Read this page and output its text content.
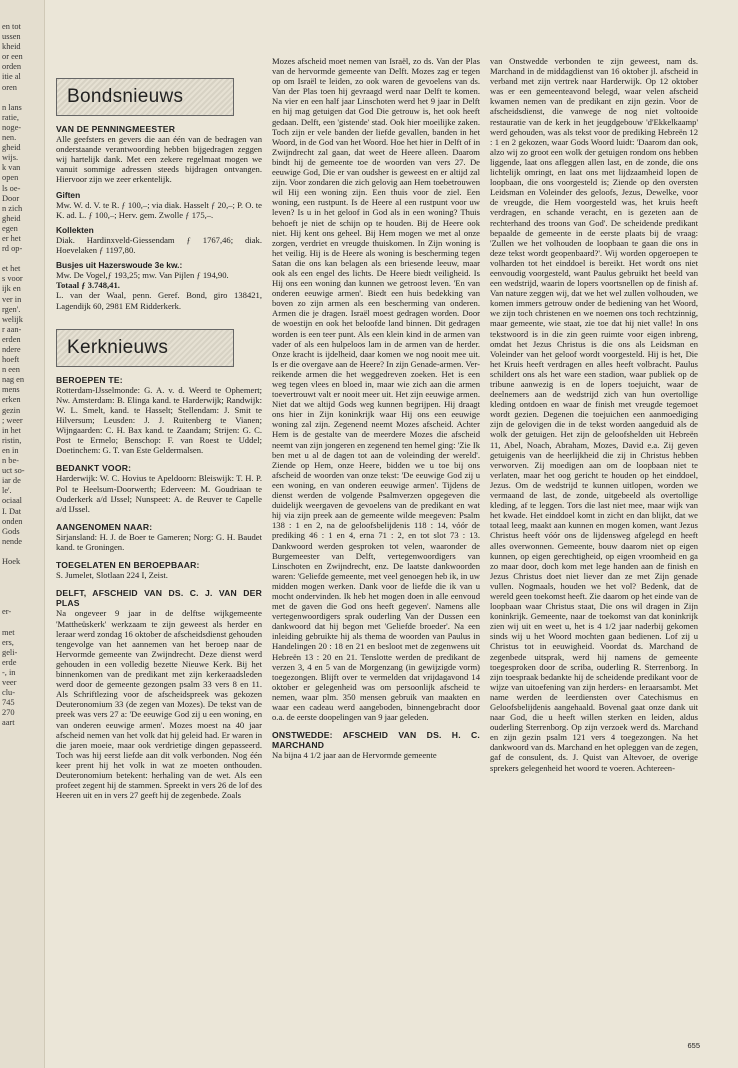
en tot
ussen
kheid
or een
orden
itie al
oren

n lans
ratie,
noge-
nen.
gheid
wijs.
k van
open
ls oe-
Door
n zich
gheid
egen
er het
rd op-

et het
s voor
ijk en
ver in
rgen'.
welijk
r aan-
erden
ndere
hoeft
n een
nag en
mens
erken
gezin
; weer
in het
ristin,
en in
n be-
uct so-
iar de
le'.
ociaal
I. Dat
onden
Gods
nende

Hoek

er-

met
ers,
geli-
erde
-, in
veer
clu-
745
270
aart
Bondsnieuws
VAN DE PENNINGMEESTER

Alle geefsters en gevers die aan één van de bedragen van onderstaande verantwoording hebben bijgedragen zeggen wij hartelijk dank. Met een zekere regelmaat mogen we vanuit sommige adressen steeds bijdragen ontvangen. Hiervoor zijn we zeer erkentelijk.

Giften

Mw. W. d. V. te R. ƒ 100,–; via diak. Hasselt ƒ 20,–; P. O. te K. ad. L. ƒ 100,–; Herv. gem. Zwolle ƒ 175,–.

Kollekten

Diak. Hardinxveld-Giessendam ƒ 1767,46; diak. Hoevelaken ƒ 1197,80.

Busjes uit Hazerswoude 3e kw.:

Mw. De Vogel,ƒ 193,25; mw. Van Pijlen ƒ 194,90.

Totaal ƒ 3.748,41.

L. van der Waal, penn. Geref. Bond, giro 138421, Lagendijk 60, 2981 EM Ridderkerk.

Kerknieuws
BEROEPEN TE:

Rotterdam-IJsselmonde: G. A. v. d. Weerd te Ophemert; Nw. Amsterdam: B. Elinga kand. te Harderwijk; Randwijk: W. L. Smelt, kand. te Hasselt; Stellendam: J. Smit te Hilversum; Leusden: J. J. Ruitenberg te Vianen; Wijngaarden: C. H. Bax kand. te Zaandam; Strijen: G. C. Post te Ermelo; Benschop: F. van Roest te Uddel; Doetinchem: G. T. van Este Geldermalsen.

BEDANKT VOOR:

Harderwijk: W. C. Hovius te Apeldoorn: Bleiswijk: T. H. P. Pol te Heelsum-Doorwerth; Ederveen: M. Goudriaan te Ouderkerk a/d IJssel; Nunspeet: A. de Reuver te Capelle a/d IJssel.

AANGENOMEN NAAR:

Sirjansland: H. J. de Boer te Gameren; Norg: G. H. Baudet kand. te Groningen.

TOEGELATEN EN BEROEPBAAR:

S. Jumelet, Slotlaan 224 I, Zeist.

DELFT, AFSCHEID VAN DS. C. J. VAN DER PLAS

Na ongeveer 9 jaar in de delftse wijkgemeente 'Mattheüskerk' werkzaam te zijn geweest als herder en leraar werd zondag 16 oktober de afscheidsdienst gehouden tengevolge van het aannemen van het beroep naar de Hervormde gemeente van Zwijndrecht. Deze dienst werd gehouden in een volledig bezette Nieuwe Kerk. Bij het binnenkomen van de predikant met zijn kerkeraadsleden werd door de gemeente gezongen psalm 33 vers 8 en 11. Als Schriftlezing voor de afscheidspreek was gekozen Deuteronomium 33 (de zegen van Mozes). De tekst van de preek was vers 27 a: 'De eeuwige God zij u een woning, en van onderen eeuwige armen'. Mozes moest na 40 jaar afscheid nemen van het volk dat hij geleid had. Er waren in die jaren moeie, maar ook verdrietige dingen gepasseerd. Toch was hij eerst liefde aan dit volk verbonden. Nog één keer prent hij het volk in wat ze moeten onthouden. Deuteronomium betekent: herhaling van de wet. Als een profeet zegent hij de stammen. Spreekt in vers 26 de lof des Heeren uit en in vers 27 geeft hij de zegenbede. Zoals

Mozes afscheid moet nemen van Israël, zo ds. Van der Plas van de hervormde gemeente van Delft. Mozes zag er tegen op om Israël te leiden, zo ook waren de gevoelens van ds. Van der Plas toen hij gevraagd werd naar Delft te komen. Na vier en een half jaar Linschoten werd het 9 jaar in Delft en hij mag getuigen dat God Die getrouw is, het ook heeft gedaan. Delft, een 'gistende' stad. Ook hier moeilijke zaken. Toch zijn er vele banden der liefde gevallen, banden in het Woord, in de God van het Woord. Hoe het hier in Delft of in Zwijndrecht zal gaan, dat weet de Heere alleen. Daarom bindt hij de gemeente toe de woorden van vers 27. De eeuwige God, Die er van oudsher is geweest en er altijd zal zijn. Voor zondaren die zich gelovig aan Hem toebetrouwen wil Hij een woning zijn. Een thuis voor de ziel. Een woning, een rustpunt. Is de Heere al een rustpunt voor uw leven? Is u in het geloof in God als in een woning? Thuis behoeft je niet de schijn op te houden. Bij de Heere ook niet. Hij kent ons geheel. Bij Hem mogen we met al onze zorgen, verdriet en vreugde thuiskomen. In Zijn woning is het veilig. Hij is de Heere als woning is bescherming tegen Satan die ons kan belagen als een briesende leeuw, maar ook als een engel des lichts. De Heere biedt veiligheid. Is Hij ons een woning dan kunnen we getroost leven. 'En van onderen eeuwige armen'. Biedt een huis bedekking van boven zo zijn armen als een bescherming van onderen. Armen die je dragen. Israël moest gedragen worden. Door de woestijn en ook het beloofde land binnen. Dit gedragen worden is een teer punt. Als een klein kind in de armen van vader of als een hulpeloos lam in de armen van de herder. Onze kracht is ijdelheid, daar komen we nog nooit mee uit. Is er die overgave aan de Heere? In zijn Genade-armen. Ver-reikende armen die het weggedreven zoeken. Het is een weg tegen vlees en bloed in, maar wie zich aan die armen toevertrouwt valt er nooit meer uit. Het zijn eeuwige armen. Niet dat we altijd Gods weg kunnen begrijpen. Hij draagt ons hier in Zijn koninkrijk waar Hij ons een eeuwige woning zal zijn. Zegenend neemt Mozes afscheid. Achter Hem is de gestalte van de meerdere Mozes die afscheid neemt van zijn jongeren en zegenend ten hemel ging: 'Zie Ik ben met u al de dagen tot aan de voleinding der wereld'. Ziende op Hem, onze Heere, bidden we u toe bij ons afscheid de woorden van onze tekst: 'De eeuwige God zij u een woning, en van onderen eeuwige armen'. Tijdens de dienst werden de volgende Psalmverzen opgegeven die duidelijk weergaven de gevoelens van de predikant en wat hij via zijn preek aan de gemeente wilde meegeven: Psalm 138 : 1 en 2, na de geloofsbelijdenis 118 : 14, vóór de prediking 46 : 1 en 4, erna 71 : 2, en tot slot 73 : 13. Dankwoord werden gesproken tot velen, waaronder de Burgemeester van Delft, vertegenwoordigers van Linschoten en Zwijndrecht, enz. De laatste dankwoorden waren: 'Geliefde gemeente, met veel genoegen heb ik, in uw midden mogen werken. Dank voor de liefde die ik van u mocht ondervinden. Ik heb het mogen doen in alle eenvoud met de gaven die God ons heeft gegeven'. Namens alle vertegenwoordigers sprak ouderling Van der Dussen een dankwoord dat hij begon met 'Geliefde broeder'. Na een inleiding gebruikte hij als thema de woorden van Paulus in Handelingen 20 : 18 en 21 en besloot met de zegenwens uit Hebreën 13 : 20 en 21. Tenslotte werden de predikant de verzen 3, 4 en 5 van de Morgenzang (in gewijzigde vorm) toegezongen. Blijft over te vermelden dat vrijdagavond 14 oktober er gelegenheid was om persoonlijk afscheid te nemen, waar plm. 350 mensen gebruik van maakten en waar een cadeau werd aangeboden, binnengebracht door o.a. de eerste doopelingen van 9 jaar geleden.

ONSTWEDDE: AFSCHEID VAN DS. H. C. MARCHAND

Na bijna 4 1/2 jaar aan de Hervormde gemeente

van Onstwedde verbonden te zijn geweest, nam ds. Marchand in de middagdienst van 16 oktober jl. afscheid in verband met zijn vertrek naar Harderwijk. Op 12 oktober was er een gemeenteavond belegd, waar velen afscheid kwamen nemen van de predikant en zijn gezin. Voor de afscheidsdienst, die vanwege de nog niet voltooide restauratie van de kerk in het jeugdgebouw 'd'Ekkelkaamp' werd gehouden, was als tekst voor de prediking Hebreën 12 : 1 en 2 gekozen, waar Gods Woord luidt: 'Daarom dan ook, alzo wij zo groot een wolk der getuigen rondom ons hebben liggende, laat ons afleggen allen last, en de zonde, die ons lichtelijk omringt, en laat ons met lijdzaamheid lopen de loopbaan, die ons voorgesteld is; Ziende op den oversten Leidsman en Voleinder des geloofs, Jezus, Dewelke, voor de vreugde, die Hem voorgesteld was, het kruis heeft verdragen, en schande veracht, en is gezeten aan de rechterhand des troons van God'. De scheidende predikant bepaalde de gemeente in de eerste plaats bij de vraag: 'Zullen we het volhouden de loopbaan te gaan die ons in deze tekst wordt geopenbaard?'. Wij worden opgeroepen te volharden tot het einddoel is bereikt. Het wordt ons niet eenvoudig voorgesteld, want Paulus gebruikt het beeld van een wedstrijd, waarin de lopers voortsnellen op de finish af. Van nature zeggen wij, dat we het wel zullen volhouden, we komen immers getrouw onder de bediening van het Woord, we zijn toch christenen en we noemen ons toch rechtzinnig, maar gemeente, wie staat, zie toe dat hij niet valle! In ons tekstwoord is in die zin geen ruimte voor eigen inbreng, omdat het Jezus Christus is die ons als Leidsman en Voleinder van het geloof wordt voorgesteld. Hij is het, Die het Kruis heeft verdragen en alles heeft volbracht. Paulus schildert ons als het ware een stadion, waar publiek op de tribune aanwezig is en de lopers toejuicht, waar de deelnemers aan de wedstrijd zich van hun overtollige kleding ontdoen en waar de finish met vreugde tegemoet wordt gezien. Degenen die toejuichen een aanmoediging zijn de gelovigen die in de tekst worden aangeduid als de wolk der getuigen. Het zijn de geloofshelden uit Hebreën 11, Abel, Noach, Abraham, Mozes, David e.a. Zij geven getuigenis van de heerlijkheid die zij in Christus hebben verworven. Zij moedigen aan om de loopbaan niet te verlaten, maar het oog gericht te houden op het einddoel, Jezus. Om de wedstrijd te kunnen uitlopen, worden we vermaand de last, de zonde, uitgebeeld als overtollige kleding, af te leggen. Tors die last niet mee, maar wijk van het kwade. Het einddoel komt in zicht en dan blijkt, dat we totaal leeg, maakt aan kunnen en mogen komen, want Jezus Christus heeft vóór ons de lijdensweg afgelegd en heeft alles overwonnen. Gemeente, bouw daarom niet op eigen kunnen, op eigen gerechtigheid, op eigen vroomheid en ga zo maar door, doch kom met lege handen aan de finish en Jezus Christus doet niet liever dan ze met Zijn genade vullen. Nogmaals, houden we het vol? Bedenk, dat de wereld geen toekomst heeft. Zie daarom op het einde van de loopbaan waar Christus staat, Die ons wil dragen in Zijn koninkrijk. Gemeente, naar de toekomst van dat koninkrijk zien wij uit en weet u, het is 4 1/2 jaar naderbij gekomen sinds wij u het Woord mochten gaan bedienen. Lof zij u Christus tot in eeuwigheid. Voordat ds. Marchand de zegenbede uitsprak, werd hij namens de gemeente toegesproken door de scriba, ouderling R. Sterrenborg. In zijn toespraak bedankte hij de scheidende predikant voor de wijze van uitoefening van zijn herders- en leraarsambt. Met name werden de leerdiensten over Catechismus en Geloofsbelijdenis aangehaald. Bovenal gaat onze dank uit naar God, die u heeft willen sterken en leiden, aldus ouderling Sterrenborg. Op zijn verzoek werd ds. Marchand en zijn gezin psalm 121 vers 4 toegezongen. Na het dankwoord van ds. Marchand en het opleggen van de zegen, gaf de consulent, ds. J. Quist van Altevoer, de overige sprekers gelegenheid het woord te voeren. Achtereen-

655
